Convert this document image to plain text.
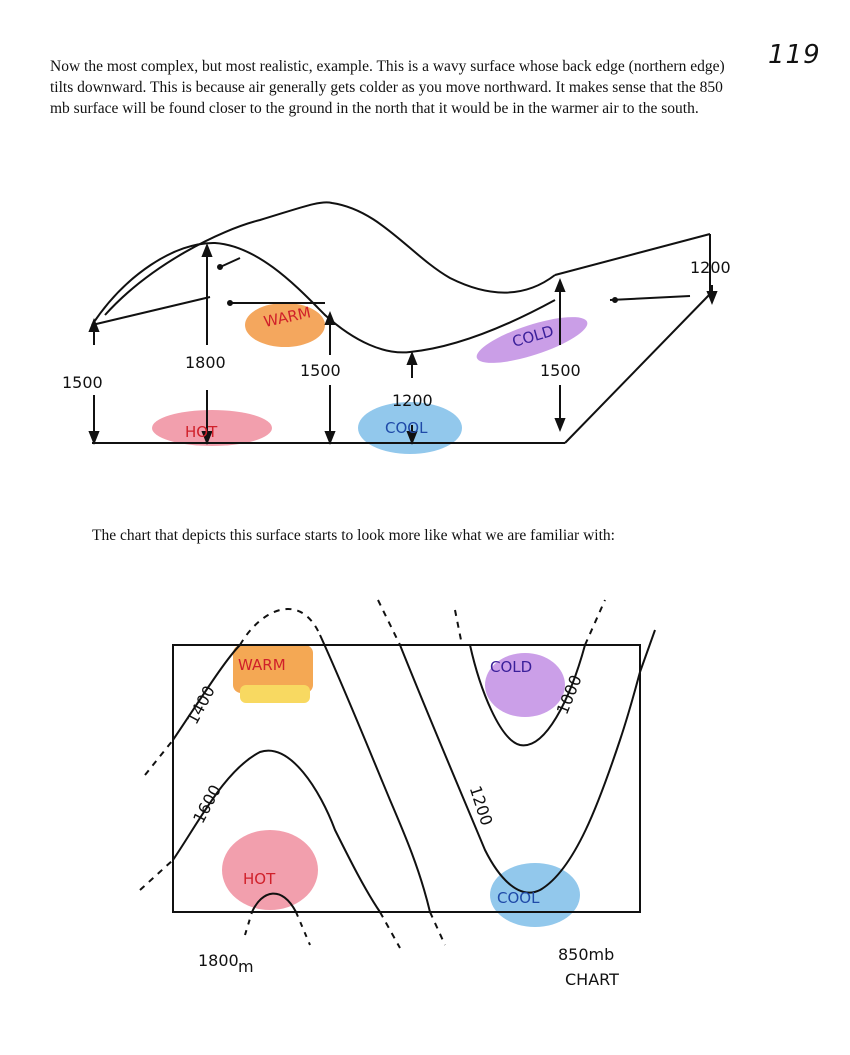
Now the most complex, but most realistic, example. This is a wavy surface whose back edge (northern edge) tilts downward. This is because air generally gets colder as you move northward. It makes sense that the 850 mb surface will be found closer to the ground in the north that it would be in the warmer air to the south.
119
The chart that depicts this surface starts to look more like what we are familiar with:
1500
1800	1500
1200
1500
1200
WARM
HOT	COOL
COLD
1400
1600	1200
1000
WARM
HOT
COLD
COOL
1800 m
850mb
CHART
